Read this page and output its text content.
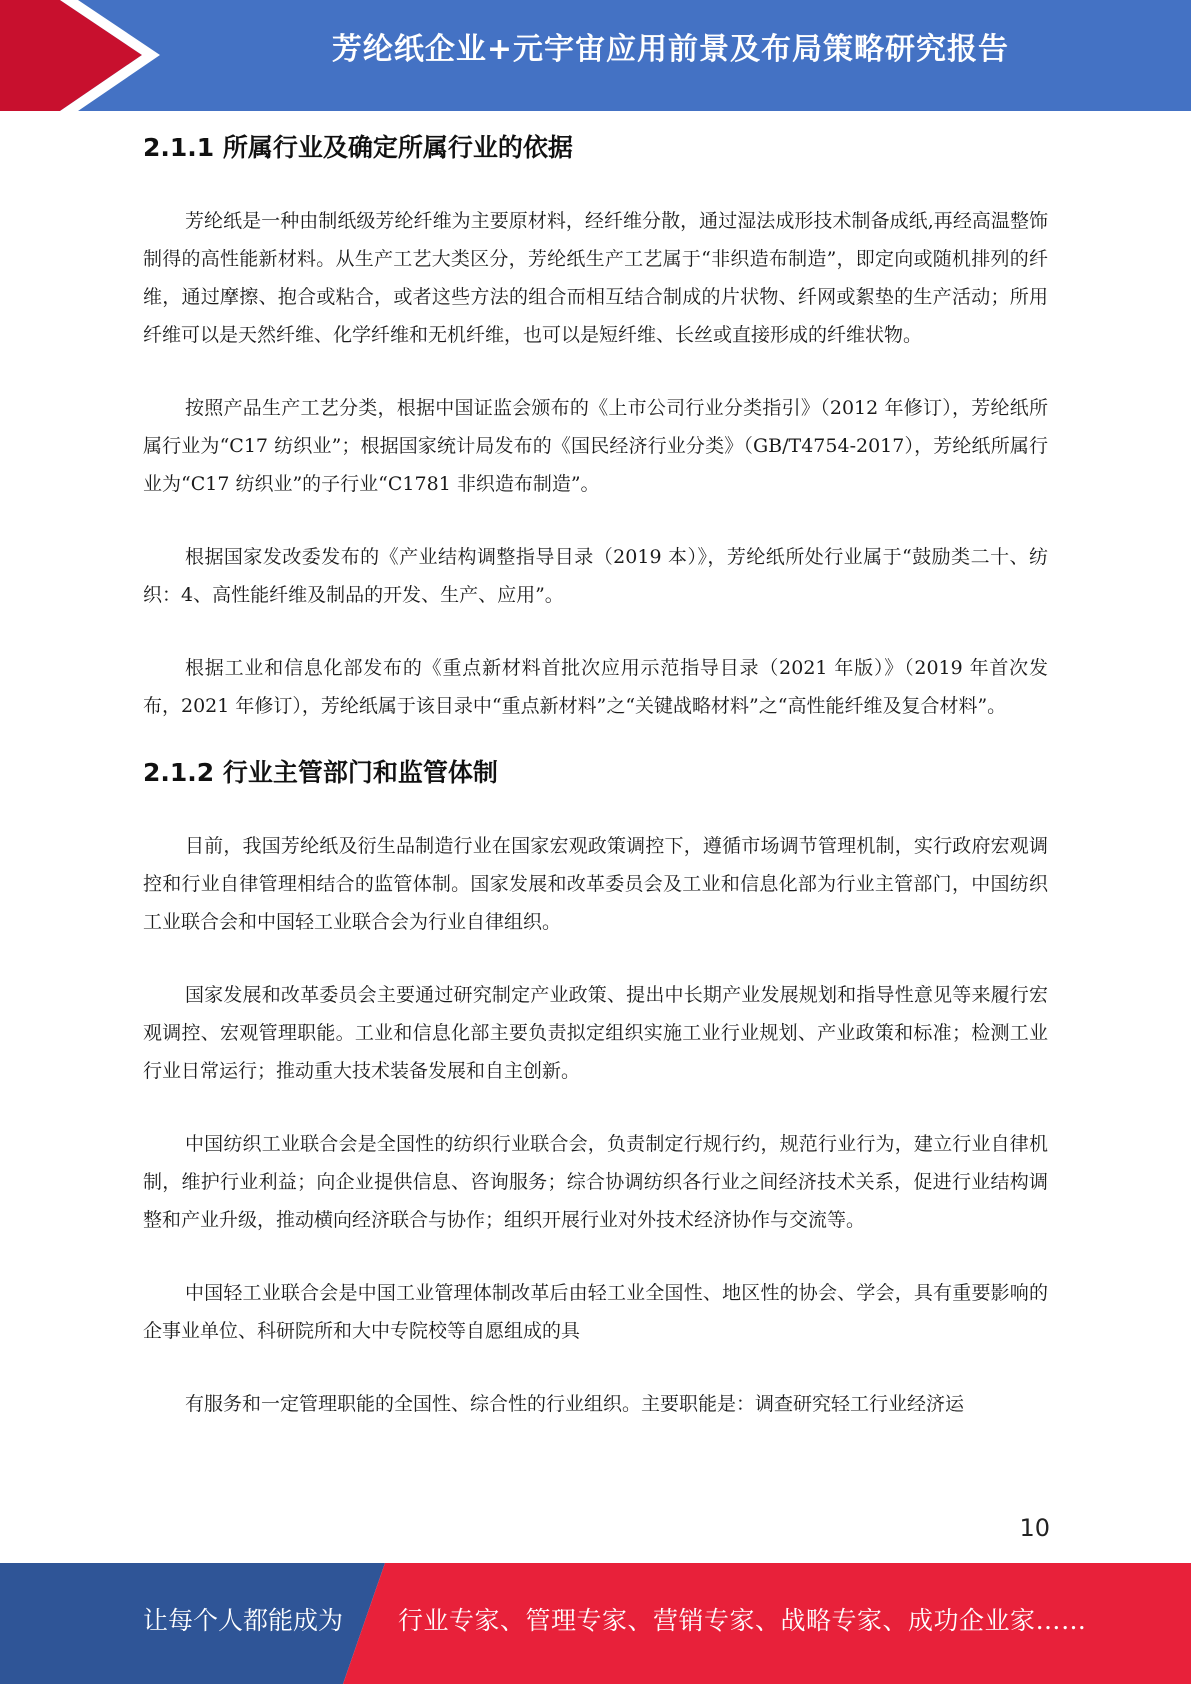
芳纶纸企业+元宇宙应用前景及布局策略研究报告
2.1.1 所属行业及确定所属行业的依据

芳纶纸是一种由制纸级芳纶纤维为主要原材料，经纤维分散，通过湿法成形技术制备成纸,再经高温整饰制得的高性能新材料。从生产工艺大类区分，芳纶纸生产工艺属于“非织造布制造”，即定向或随机排列的纤维，通过摩擦、抱合或粘合，或者这些方法的组合而相互结合制成的片状物、纤网或絮垫的生产活动；所用纤维可以是天然纤维、化学纤维和无机纤维，也可以是短纤维、长丝或直接形成的纤维状物。

按照产品生产工艺分类，根据中国证监会颁布的《上市公司行业分类指引》（2012 年修订），芳纶纸所属行业为“C17 纺织业”；根据国家统计局发布的《国民经济行业分类》（GB/T4754-2017），芳纶纸所属行业为“C17 纺织业”的子行业“C1781 非织造布制造”。

根据国家发改委发布的《产业结构调整指导目录（2019 本）》，芳纶纸所处行业属于“鼓励类二十、纺织：4、高性能纤维及制品的开发、生产、应用”。

根据工业和信息化部发布的《重点新材料首批次应用示范指导目录（2021 年版）》（2019 年首次发布，2021 年修订），芳纶纸属于该目录中“重点新材料”之“关键战略材料”之“高性能纤维及复合材料”。

2.1.2 行业主管部门和监管体制

目前，我国芳纶纸及衍生品制造行业在国家宏观政策调控下，遵循市场调节管理机制，实行政府宏观调控和行业自律管理相结合的监管体制。国家发展和改革委员会及工业和信息化部为行业主管部门，中国纺织工业联合会和中国轻工业联合会为行业自律组织。

国家发展和改革委员会主要通过研究制定产业政策、提出中长期产业发展规划和指导性意见等来履行宏观调控、宏观管理职能。工业和信息化部主要负责拟定组织实施工业行业规划、产业政策和标准；检测工业行业日常运行；推动重大技术装备发展和自主创新。

中国纺织工业联合会是全国性的纺织行业联合会，负责制定行规行约，规范行业行为，建立行业自律机制，维护行业利益；向企业提供信息、咨询服务；综合协调纺织各行业之间经济技术关系，促进行业结构调整和产业升级，推动横向经济联合与协作；组织开展行业对外技术经济协作与交流等。

中国轻工业联合会是中国工业管理体制改革后由轻工业全国性、地区性的协会、学会，具有重要影响的企事业单位、科研院所和大中专院校等自愿组成的具

有服务和一定管理职能的全国性、综合性的行业组织。主要职能是：调查研究轻工行业经济运

10
让每个人都能成为 行业专家、管理专家、营销专家、战略专家、成功企业家……
